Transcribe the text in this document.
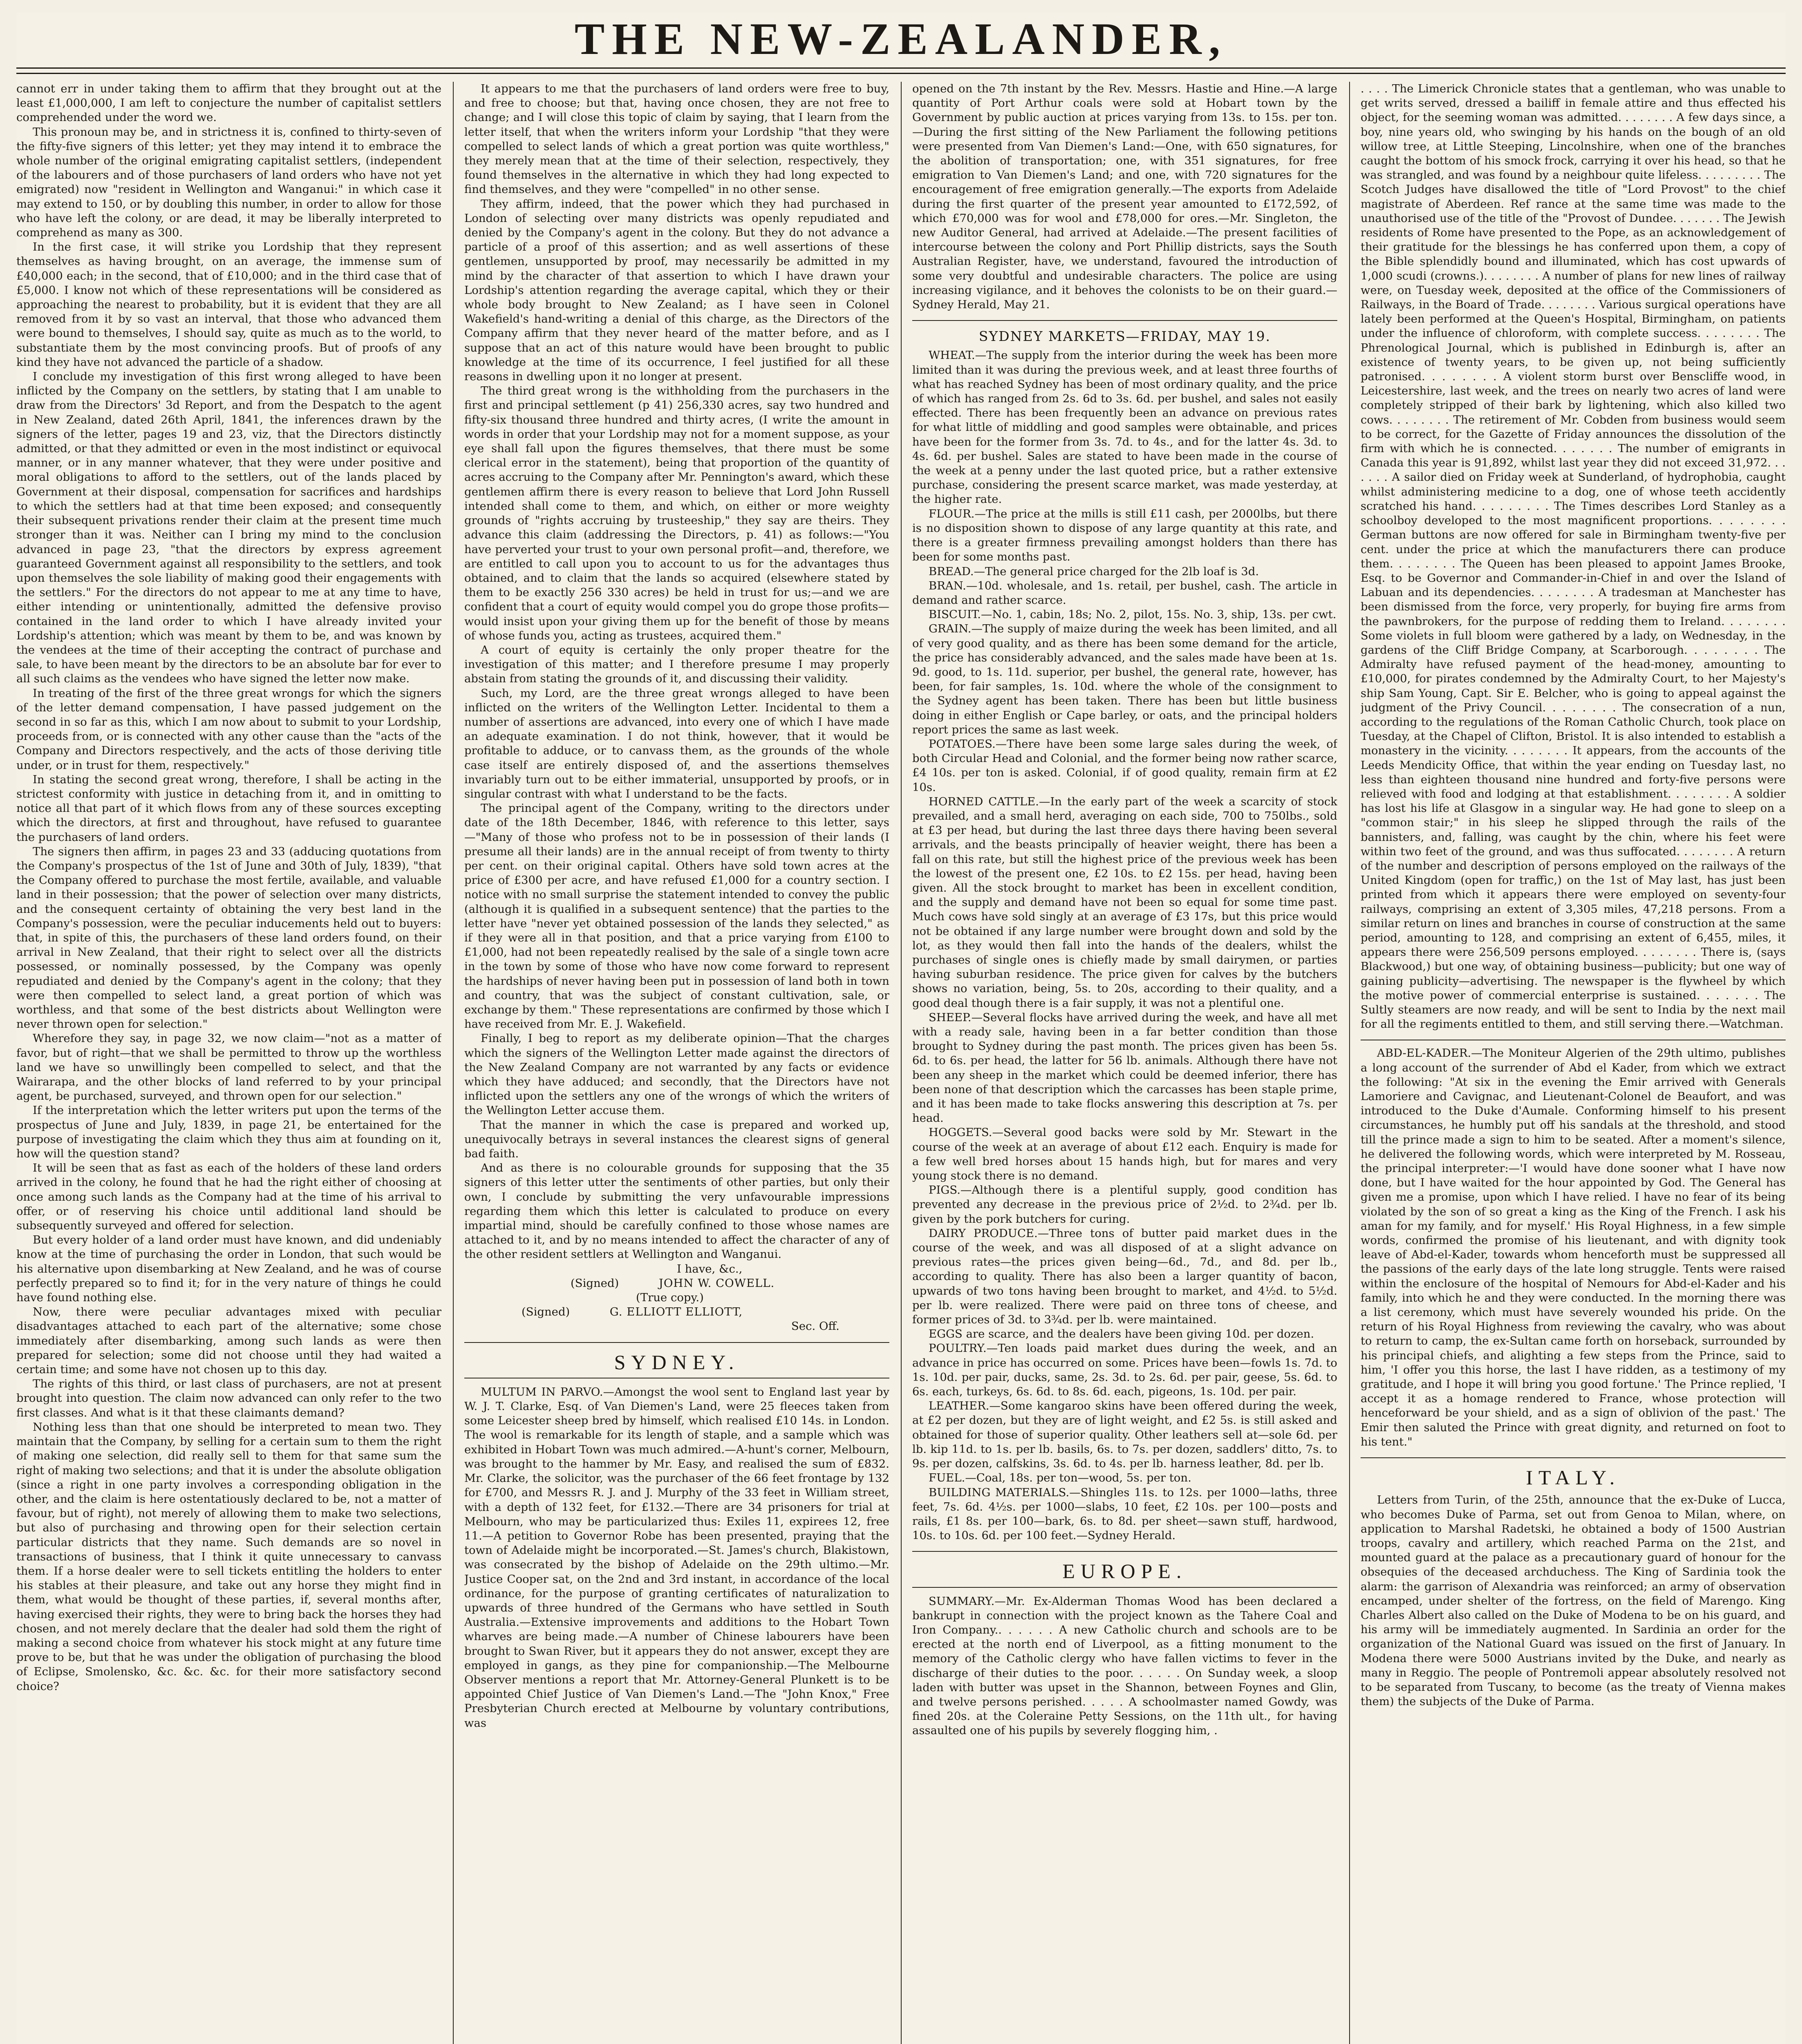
THE NEW-ZEALANDER,

cannot err in under taking them to affirm that they brought out at the least £1,000,000, I am left to conjecture the number of capitalist settlers comprehended under the word we.

This pronoun may be, and in strictness it is, confined to thirty-seven of the fifty-five signers of this letter; yet they may intend it to embrace the whole number of the original emigrating capitalist settlers, (independent of the labourers and of those purchasers of land orders who have not yet emigrated) now "resident in Wellington and Wanganui:" in which case it may extend to 150, or by doubling this number, in order to allow for those who have left the colony, or are dead, it may be liberally interpreted to comprehend as many as 300.

In the first case, it will strike you Lordship that they represent themselves as having brought, on an average, the immense sum of £40,000 each; in the second, that of £10,000; and in the third case that of £5,000. I know not which of these representations will be considered as approaching the nearest to probability, but it is evident that they are all removed from it by so vast an interval, that those who advanced them were bound to themselves, I should say, quite as much as to the world, to substantiate them by the most convincing proofs. But of proofs of any kind they have not advanced the particle of a shadow.

I conclude my investigation of this first wrong alleged to have been inflicted by the Company on the settlers, by stating that I am unable to draw from the Directors' 3d Report, and from the Despatch to the agent in New Zealand, dated 26th April, 1841, the inferences drawn by the signers of the letter, pages 19 and 23, viz, that the Directors distinctly admitted, or that they admitted or even in the most indistinct or equivocal manner, or in any manner whatever, that they were under positive and moral obligations to afford to the settlers, out of the lands placed by Government at their disposal, compensation for sacrifices and hardships to which the settlers had at that time been exposed; and consequently their subsequent privations render their claim at the present time much stronger than it was. Neither can I bring my mind to the conclusion advanced in page 23, "that the directors by express agreement guaranteed Government against all responsibility to the settlers, and took upon themselves the sole liability of making good their engagements with the settlers." For the directors do not appear to me at any time to have, either intending or unintentionally, admitted the defensive proviso contained in the land order to which I have already invited your Lordship's attention; which was meant by them to be, and was known by the vendees at the time of their accepting the contract of purchase and sale, to have been meant by the directors to be an absolute bar for ever to all such claims as the vendees who have signed the letter now make.

In treating of the first of the three great wrongs for which the signers of the letter demand compensation, I have passed judgement on the second in so far as this, which I am now about to submit to your Lordship, proceeds from, or is connected with any other cause than the "acts of the Company and Directors respectively, and the acts of those deriving title under, or in trust for them, respectively."

In stating the second great wrong, therefore, I shall be acting in the strictest conformity with justice in detaching from it, and in omitting to notice all that part of it which flows from any of these sources excepting which the directors, at first and throughout, have refused to guarantee the purchasers of land orders.

The signers then affirm, in pages 23 and 33 (adducing quotations from the Company's prospectus of the 1st of June and 30th of July, 1839), "that the Company offered to purchase the most fertile, available, and valuable land in their possession; that the power of selection over many districts, and the consequent certainty of obtaining the very best land in the Company's possession, were the peculiar inducements held out to buyers: that, in spite of this, the purchasers of these land orders found, on their arrival in New Zealand, that their right to select over all the districts possessed, or nominally possessed, by the Company was openly repudiated and denied by the Company's agent in the colony; that they were then compelled to select land, a great portion of which was worthless, and that some of the best districts about Wellington were never thrown open for selection."

Wherefore they say, in page 32, we now claim—"not as a matter of favor, but of right—that we shall be permitted to throw up the worthless land we have so unwillingly been compelled to select, and that the Wairarapa, and the other blocks of land referred to by your principal agent, be purchased, surveyed, and thrown open for our selection."

If the interpretation which the letter writers put upon the terms of the prospectus of June and July, 1839, in page 21, be entertained for the purpose of investigating the claim which they thus aim at founding on it, how will the question stand?

It will be seen that as fast as each of the holders of these land orders arrived in the colony, he found that he had the right either of choosing at once among such lands as the Company had at the time of his arrival to offer, or of reserving his choice until additional land should be subsequently surveyed and offered for selection.

But every holder of a land order must have known, and did undeniably know at the time of purchasing the order in London, that such would be his alternative upon disembarking at New Zealand, and he was of course perfectly prepared so to find it; for in the very nature of things he could have found nothing else.

Now, there were peculiar advantages mixed with peculiar disadvantages attached to each part of the alternative; some chose immediately after disembarking, among such lands as were then prepared for selection; some did not choose until they had waited a certain time; and some have not chosen up to this day.

The rights of this third, or last class of purchasers, are not at present brought into question. The claim now advanced can only refer to the two first classes. And what is it that these claimants demand?

Nothing less than that one should be interpreted to mean two. They maintain that the Company, by selling for a certain sum to them the right of making one selection, did really sell to them for that same sum the right of making two selections; and that it is under the absolute obligation (since a right in one party involves a corresponding obligation in the other, and the claim is here ostentatiously declared to be, not a matter of favour, but of right), not merely of allowing them to make two selections, but also of purchasing and throwing open for their selection certain particular districts that they name. Such demands are so novel in transactions of business, that I think it quite unnecessary to canvass them. If a horse dealer were to sell tickets entitling the holders to enter his stables at their pleasure, and take out any horse they might find in them, what would be thought of these parties, if, several months after, having exercised their rights, they were to bring back the horses they had chosen, and not merely declare that the dealer had sold them the right of making a second choice from whatever his stock might at any future time prove to be, but that he was under the obligation of purchasing the blood of Eclipse, Smolensko, &c. &c. &c. for their more satisfactory second choice?

It appears to me that the purchasers of land orders were free to buy, and free to choose; but that, having once chosen, they are not free to change; and I will close this topic of claim by saying, that I learn from the letter itself, that when the writers inform your Lordship "that they were compelled to select lands of which a great portion was quite worthless," they merely mean that at the time of their selection, respectively, they found themselves in the alternative in which they had long expected to find themselves, and they were "compelled" in no other sense.

They affirm, indeed, that the power which they had purchased in London of selecting over many districts was openly repudiated and denied by the Company's agent in the colony. But they do not advance a particle of a proof of this assertion; and as well assertions of these gentlemen, unsupported by proof, may necessarily be admitted in my mind by the character of that assertion to which I have drawn your Lordship's attention regarding the average capital, which they or their whole body brought to New Zealand; as I have seen in Colonel Wakefield's hand-writing a denial of this charge, as the Directors of the Company affirm that they never heard of the matter before, and as I suppose that an act of this nature would have been brought to public knowledge at the time of its occurrence, I feel justified for all these reasons in dwelling upon it no longer at present.

The third great wrong is the withholding from the purchasers in the first and principal settlement (p 41) 256,330 acres, say two hundred and fifty-six thousand three hundred and thirty acres, (I write the amount in words in order that your Lordship may not for a moment suppose, as your eye shall fall upon the figures themselves, that there must be some clerical error in the statement), being that proportion of the quantity of acres accruing to the Company after Mr. Pennington's award, which these gentlemen affirm there is every reason to believe that Lord John Russell intended shall come to them, and which, on either or more weighty grounds of "rights accruing by trusteeship," they say are theirs. They advance this claim (addressing the Directors, p. 41) as follows:—"You have perverted your trust to your own personal profit—and, therefore, we are entitled to call upon you to account to us for the advantages thus obtained, and to claim that the lands so acquired (elsewhere stated by them to be exactly 256 330 acres) be held in trust for us;—and we are confident that a court of equity would compel you do grope those profits—would insist upon your giving them up for the benefit of those by means of whose funds you, acting as trustees, acquired them."

A court of equity is certainly the only proper theatre for the investigation of this matter; and I therefore presume I may properly abstain from stating the grounds of it, and discussing their validity.

Such, my Lord, are the three great wrongs alleged to have been inflicted on the writers of the Wellington Letter. Incidental to them a number of assertions are advanced, into every one of which I have made an adequate examination. I do not think, however, that it would be profitable to adduce, or to canvass them, as the grounds of the whole case itself are entirely disposed of, and the assertions themselves invariably turn out to be either immaterial, unsupported by proofs, or in singular contrast with what I understand to be the facts.

The principal agent of the Company, writing to the directors under date of the 18th December, 1846, with reference to this letter, says—"Many of those who profess not to be in possession of their lands (I presume all their lands) are in the annual receipt of from twenty to thirty per cent. on their original capital. Others have sold town acres at the price of £300 per acre, and have refused £1,000 for a country section. I notice with no small surprise the statement intended to convey the public (although it is qualified in a subsequent sentence) that the parties to the letter have "never yet obtained possession of the lands they selected," as if they were all in that position, and that a price varying from £100 to £1,000, had not been repeatedly realised by the sale of a single town acre in the town by some of those who have now come forward to represent the hardships of never having been put in possession of land both in town and country, that was the subject of constant cultivation, sale, or exchange by them." These representations are confirmed by those which I have received from Mr. E. J. Wakefield.

Finally, I beg to report as my deliberate opinion—That the charges which the signers of the Wellington Letter made against the directors of the New Zealand Company are not warranted by any facts or evidence which they have adduced; and secondly, that the Directors have not inflicted upon the settlers any one of the wrongs of which the writers of the Wellington Letter accuse them.

That the manner in which the case is prepared and worked up, unequivocally betrays in several instances the clearest signs of general bad faith.

And as there is no colourable grounds for supposing that the 35 signers of this letter utter the sentiments of other parties, but only their own, I conclude by submitting the very unfavourable impressions regarding them which this letter is calculated to produce on every impartial mind, should be carefully confined to those whose names are attached to it, and by no means intended to affect the character of any of the other resident settlers at Wellington and Wanganui.

I have, &c.,

(Signed)	JOHN W. COWELL.

(True copy.)

(Signed)	G. ELLIOTT ELLIOTT,

Sec. Off.

SYDNEY.

MULTUM IN PARVO.—Amongst the wool sent to England last year by W. J. T. Clarke, Esq. of Van Diemen's Land, were 25 fleeces taken from some Leicester sheep bred by himself, which realised £10 14s. in London. The wool is remarkable for its length of staple, and a sample which was exhibited in Hobart Town was much admired.—A-hunt's corner, Melbourn, was brought to the hammer by Mr. Easy, and realised the sum of £832. Mr. Clarke, the solicitor, was the purchaser of the 66 feet frontage by 132 for £700, and Messrs R. J. and J. Murphy of the 33 feet in William street, with a depth of 132 feet, for £132.—There are 34 prisoners for trial at Melbourn, who may be particularized thus: Exiles 11, expirees 12, free 11.—A petition to Governor Robe has been presented, praying that the town of Adelaide might be incorporated.—St. James's church, Blakistown, was consecrated by the bishop of Adelaide on the 29th ultimo.—Mr. Justice Cooper sat, on the 2nd and 3rd instant, in accordance of the local ordinance, for the purpose of granting certificates of naturalization to upwards of three hundred of the Germans who have settled in South Australia.—Extensive improvements and additions to the Hobart Town wharves are being made.—A number of Chinese labourers have been brought to Swan River, but it appears they do not answer, except they are employed in gangs, as they pine for companionship.—The Melbourne Observer mentions a report that Mr. Attorney-General Plunkett is to be appointed Chief Justice of Van Diemen's Land.—The "John Knox," Free Presbyterian Church erected at Melbourne by voluntary contributions, was

opened on the 7th instant by the Rev. Messrs. Hastie and Hine.—A large quantity of Port Arthur coals were sold at Hobart town by the Government by public auction at prices varying from 13s. to 15s. per ton.—During the first sitting of the New Parliament the following petitions were presented from Van Diemen's Land:—One, with 650 signatures, for the abolition of transportation; one, with 351 signatures, for free emigration to Van Diemen's Land; and one, with 720 signatures for the encouragement of free emigration generally.—The exports from Adelaide during the first quarter of the present year amounted to £172,592, of which £70,000 was for wool and £78,000 for ores.—Mr. Singleton, the new Auditor General, had arrived at Adelaide.—The present facilities of intercourse between the colony and Port Phillip districts, says the South Australian Register, have, we understand, favoured the introduction of some very doubtful and undesirable characters. The police are using increasing vigilance, and it behoves the colonists to be on their guard.—Sydney Herald, May 21.

SYDNEY MARKETS—FRIDAY, MAY 19.

WHEAT.—The supply from the interior during the week has been more limited than it was during the previous week, and at least three fourths of what has reached Sydney has been of most ordinary quality, and the price of which has ranged from 2s. 6d to 3s. 6d. per bushel, and sales not easily effected. There has been frequently been an advance on previous rates for what little of middling and good samples were obtainable, and prices have been for the former from 3s. 7d. to 4s., and for the latter 4s. 3d. to 4s. 6d. per bushel. Sales are stated to have been made in the course of the week at a penny under the last quoted price, but a rather extensive purchase, considering the present scarce market, was made yesterday, at the higher rate.

FLOUR.—The price at the mills is still £11 cash, per 2000lbs, but there is no disposition shown to dispose of any large quantity at this rate, and there is a greater firmness prevailing amongst holders than there has been for some months past.

BREAD.—The general price charged for the 2lb loaf is 3d.

BRAN.—10d. wholesale, and 1s. retail, per bushel, cash. The article in demand and rather scarce.

BISCUIT.—No. 1, cabin, 18s; No. 2, pilot, 15s. No. 3, ship, 13s. per cwt.

GRAIN.—The supply of maize during the week has been limited, and all of very good quality, and as there has been some demand for the article, the price has considerably advanced, and the sales made have been at 1s. 9d. good, to 1s. 11d. superior, per bushel, the general rate, however, has been, for fair samples, 1s. 10d. where the whole of the consignment to the Sydney agent has been taken. There has been but little business doing in either English or Cape barley, or oats, and the principal holders report prices the same as last week.

POTATOES.—There have been some large sales during the week, of both Circular Head and Colonial, and the former being now rather scarce, £4 10s. per ton is asked. Colonial, if of good quality, remain firm at £2 10s.

HORNED CATTLE.—In the early part of the week a scarcity of stock prevailed, and a small herd, averaging on each side, 700 to 750lbs., sold at £3 per head, but during the last three days there having been several arrivals, and the beasts principally of heavier weight, there has been a fall on this rate, but still the highest price of the previous week has been the lowest of the present one, £2 10s. to £2 15s. per head, having been given. All the stock brought to market has been in excellent condition, and the supply and demand have not been so equal for some time past. Much cows have sold singly at an average of £3 17s, but this price would not be obtained if any large number were brought down and sold by the lot, as they would then fall into the hands of the dealers, whilst the purchases of single ones is chiefly made by small dairymen, or parties having suburban residence. The price given for calves by the butchers shows no variation, being, 5s. to 20s, according to their quality, and a good deal though there is a fair supply, it was not a plentiful one.

SHEEP.—Several flocks have arrived during the week, and have all met with a ready sale, having been in a far better condition than those brought to Sydney during the past month. The prices given has been 5s. 6d. to 6s. per head, the latter for 56 lb. animals. Although there have not been any sheep in the market which could be deemed inferior, there has been none of that description which the carcasses has been staple prime, and it has been made to take flocks answering this description at 7s. per head.

HOGGETS.—Several good backs were sold by Mr. Stewart in the course of the week at an average of about £12 each. Enquiry is made for a few well bred horses about 15 hands high, but for mares and very young stock there is no demand.

PIGS.—Although there is a plentiful supply, good condition has prevented any decrease in the previous price of 2½d. to 2¾d. per lb. given by the pork butchers for curing.

DAIRY PRODUCE.—Three tons of butter paid market dues in the course of the week, and was all disposed of at a slight advance on previous rates—the prices given being—6d., 7d., and 8d. per lb., according to quality. There has also been a larger quantity of bacon, upwards of two tons having been brought to market, and 4½d. to 5½d. per lb. were realized. There were paid on three tons of cheese, and former prices of 3d. to 3¾d. per lb. were maintained.

EGGS are scarce, and the dealers have been giving 10d. per dozen.

POULTRY.—Ten loads paid market dues during the week, and an advance in price has occurred on some. Prices have been—fowls 1s. 7d. to 1s. 10d. per pair, ducks, same, 2s. 3d. to 2s. 6d. per pair, geese, 5s. 6d. to 6s. each, turkeys, 6s. 6d. to 8s. 6d. each, pigeons, 1s. 10d. per pair.

LEATHER.—Some kangaroo skins have been offered during the week, at £2 per dozen, but they are of light weight, and £2 5s. is still asked and obtained for those of superior quality. Other leathers sell at—sole 6d. per lb. kip 11d. to 1s. per lb. basils, 6s. to 7s. per dozen, saddlers' ditto, 7s. to 9s. per dozen, calfskins, 3s. 6d. to 4s. per lb. harness leather, 8d. per lb.

FUEL.—Coal, 18s. per ton—wood, 5s. per ton.

BUILDING MATERIALS.—Shingles 11s. to 12s. per 1000—laths, three feet, 7s. 6d. 4½s. per 1000—slabs, 10 feet, £2 10s. per 100—posts and rails, £1 8s. per 100—bark, 6s. to 8d. per sheet—sawn stuff, hardwood, 10s. to 10s. 6d. per 100 feet.—Sydney Herald.

EUROPE.

SUMMARY.—Mr. Ex-Alderman Thomas Wood has been declared a bankrupt in connection with the project known as the Tahere Coal and Iron Company.. . . . . . A new Catholic church and schools are to be erected at the north end of Liverpool, as a fitting monument to the memory of the Catholic clergy who have fallen victims to fever in the discharge of their duties to the poor. . . . . . On Sunday week, a sloop laden with butter was upset in the Shannon, between Foynes and Glin, and twelve persons perished. . . . . A schoolmaster named Gowdy, was fined 20s. at the Coleraine Petty Sessions, on the 11th ult., for having assaulted one of his pupils by severely flogging him, .

. . . . The Limerick Chronicle states that a gentleman, who was unable to get writs served, dressed a bailiff in female attire and thus effected his object, for the seeming woman was admitted. . . . . . . . A few days since, a boy, nine years old, who swinging by his hands on the bough of an old willow tree, at Little Steeping, Lincolnshire, when one of the branches caught the bottom of his smock frock, carrying it over his head, so that he was strangled, and was found by a neighbour quite lifeless. . . . . . . . . The Scotch Judges have disallowed the title of "Lord Provost" to the chief magistrate of Aberdeen. Ref rance at the same time was made to the unauthorised use of the title of the "Provost of Dundee. . . . . . . The Jewish residents of Rome have presented to the Pope, as an acknowledgement of their gratitude for the blessings he has conferred upon them, a copy of the Bible splendidly bound and illuminated, which has cost upwards of 1,000 scudi (crowns.). . . . . . . . A number of plans for new lines of railway were, on Tuesday week, deposited at the office of the Commissioners of Railways, in the Board of Trade. . . . . . . . Various surgical operations have lately been performed at the Queen's Hospital, Birmingham, on patients under the influence of chloroform, with complete success. . . . . . . . The Phrenological Journal, which is published in Edinburgh is, after an existence of twenty years, to be given up, not being sufficiently patronised. . . . . . . . A violent storm burst over Benscliffe wood, in Leicestershire, last week, and the trees on nearly two acres of land were completely stripped of their bark by lightening, which also killed two cows. . . . . . . . The retirement of Mr. Cobden from business would seem to be correct, for the Gazette of Friday announces the dissolution of the firm with which he is connected. . . . . . . The number of emigrants in Canada this year is 91,892, whilst last year they did not exceed 31,972. . . . . . . A sailor died on Friday week at Sunderland, of hydrophobia, caught whilst administering medicine to a dog, one of whose teeth accidently scratched his hand. . . . . . . . . The Times describes Lord Stanley as a schoolboy developed to the most magnificent proportions. . . . . . . . German buttons are now offered for sale in Birmingham twenty-five per cent. under the price at which the manufacturers there can produce them. . . . . . . . The Queen has been pleased to appoint James Brooke, Esq. to be Governor and Commander-in-Chief in and over the Island of Labuan and its dependencies. . . . . . . . A tradesman at Manchester has been dismissed from the force, very properly, for buying fire arms from the pawnbrokers, for the purpose of redding them to Ireland. . . . . . . . Some violets in full bloom were gathered by a lady, on Wednesday, in the gardens of the Cliff Bridge Company, at Scarborough. . . . . . . . The Admiralty have refused payment of the head-money, amounting to £10,000, for pirates condemned by the Admiralty Court, to her Majesty's ship Sam Young, Capt. Sir E. Belcher, who is going to appeal against the judgment of the Privy Council. . . . . . . . The consecration of a nun, according to the regulations of the Roman Catholic Church, took place on Tuesday, at the Chapel of Clifton, Bristol. It is also intended to establish a monastery in the vicinity. . . . . . . . It appears, from the accounts of the Leeds Mendicity Office, that within the year ending on Tuesday last, no less than eighteen thousand nine hundred and forty-five persons were relieved with food and lodging at that establishment. . . . . . . . A soldier has lost his life at Glasgow in a singular way. He had gone to sleep on a "common stair;" in his sleep he slipped through the rails of the bannisters, and, falling, was caught by the chin, where his feet were within two feet of the ground, and was thus suffocated. . . . . . . . A return of the number and description of persons employed on the railways of the United Kingdom (open for traffic,) on the 1st of May last, has just been printed from which it appears there were employed on seventy-four railways, comprising an extent of 3,305 miles, 47,218 persons. From a similar return on lines and branches in course of construction at the same period, amounting to 128, and comprising an extent of 6,455, miles, it appears there were 256,509 persons employed. . . . . . . . There is, (says Blackwood,) but one way, of obtaining business—publicity; but one way of gaining publicity—advertising. The newspaper is the flywheel by which the motive power of commercial enterprise is sustained. . . . . . . The Sultly steamers are now ready, and will be sent to India by the next mail for all the regiments entitled to them, and still serving there.—Watchman.

ABD-EL-KADER.—The Moniteur Algerien of the 29th ultimo, publishes a long account of the surrender of Abd el Kader, from which we extract the following: "At six in the evening the Emir arrived with Generals Lamoriere and Cavignac, and Lieutenant-Colonel de Beaufort, and was introduced to the Duke d'Aumale. Conforming himself to his present circumstances, he humbly put off his sandals at the threshold, and stood till the prince made a sign to him to be seated. After a moment's silence, he delivered the following words, which were interpreted by M. Rosseau, the principal interpreter:—'I would have done sooner what I have now done, but I have waited for the hour appointed by God. The General has given me a promise, upon which I have relied. I have no fear of its being violated by the son of so great a king as the King of the French. I ask his aman for my family, and for myself.' His Royal Highness, in a few simple words, confirmed the promise of his lieutenant, and with dignity took leave of Abd-el-Kader, towards whom henceforth must be suppressed all the passions of the early days of the late long struggle. Tents were raised within the enclosure of the hospital of Nemours for Abd-el-Kader and his family, into which he and they were conducted. In the morning there was a list ceremony, which must have severely wounded his pride. On the return of his Royal Highness from reviewing the cavalry, who was about to return to camp, the ex-Sultan came forth on horseback, surrounded by his principal chiefs, and alighting a few steps from the Prince, said to him, 'I offer you this horse, the last I have ridden, as a testimony of my gratitude, and I hope it will bring you good fortune.' The Prince replied, 'I accept it as a homage rendered to France, whose protection will henceforward be your shield, and as a sign of oblivion of the past.' The Emir then saluted the Prince with great dignity, and returned on foot to his tent."

ITALY.

Letters from Turin, of the 25th, announce that the ex-Duke of Lucca, who becomes Duke of Parma, set out from Genoa to Milan, where, on application to Marshal Radetski, he obtained a body of 1500 Austrian troops, cavalry and artillery, which reached Parma on the 21st, and mounted guard at the palace as a precautionary guard of honour for the obsequies of the deceased archduchess. The King of Sardinia took the alarm: the garrison of Alexandria was reinforced; an army of observation encamped, under shelter of the fortress, on the field of Marengo. King Charles Albert also called on the Duke of Modena to be on his guard, and his army will be immediately augmented. In Sardinia an order for the organization of the National Guard was issued on the first of January. In Modena there were 5000 Austrians invited by the Duke, and nearly as many in Reggio. The people of Pontremoli appear absolutely resolved not to be separated from Tuscany, to become (as the treaty of Vienna makes them) the subjects of the Duke of Parma.
